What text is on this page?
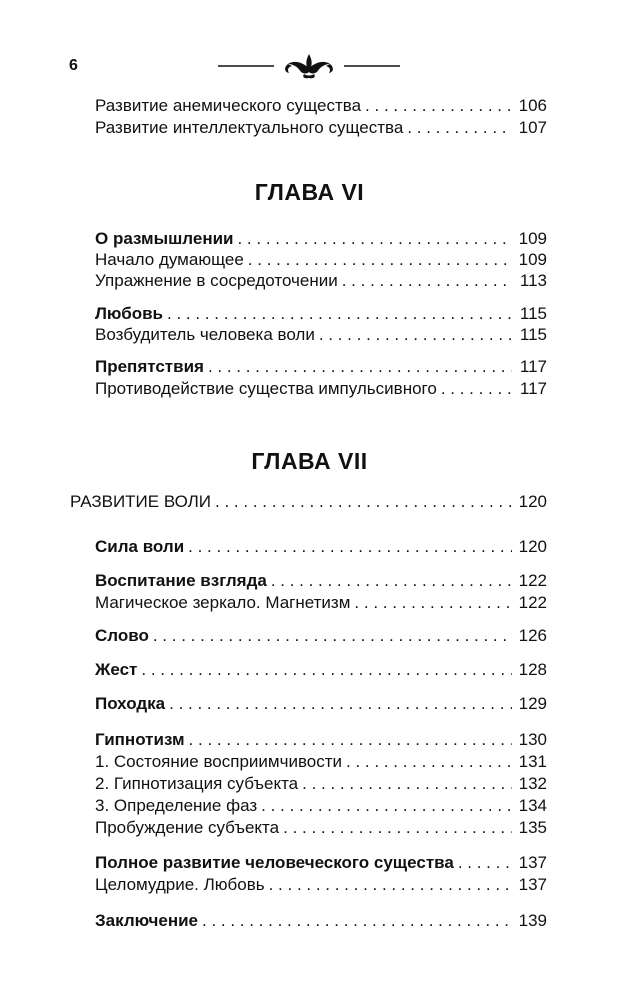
6
ГЛАВА VI
ГЛАВА VII
Развитие анемического существа . . .	106
Развитие интеллектуального существа . . .	107
О размышлении . . .	109
Начало думающее . . .	109
Упражнение в сосредоточении . . .	113
Любовь . . .	115
Возбудитель человека воли . . .	115
Препятствия . . .	117
Противодействие существа импульсивного . . .	117
РАЗВИТИЕ ВОЛИ . . .	120
Сила воли . . .	120
Воспитание взгляда . . .	122
Магическое зеркало. Магнетизм . . .	122
Слово . . .	126
Жест . . .	128
Походка . . .	129
Гипнотизм . . .	130
1. Состояние восприимчивости . . .	131
2. Гипнотизация субъекта . . .	132
3. Определение фаз . . .	134
Пробуждение субъекта . . .	135
Полное развитие человеческого существа . . .	137
Целомудрие. Любовь . . .	137
Заключение . . .	139
